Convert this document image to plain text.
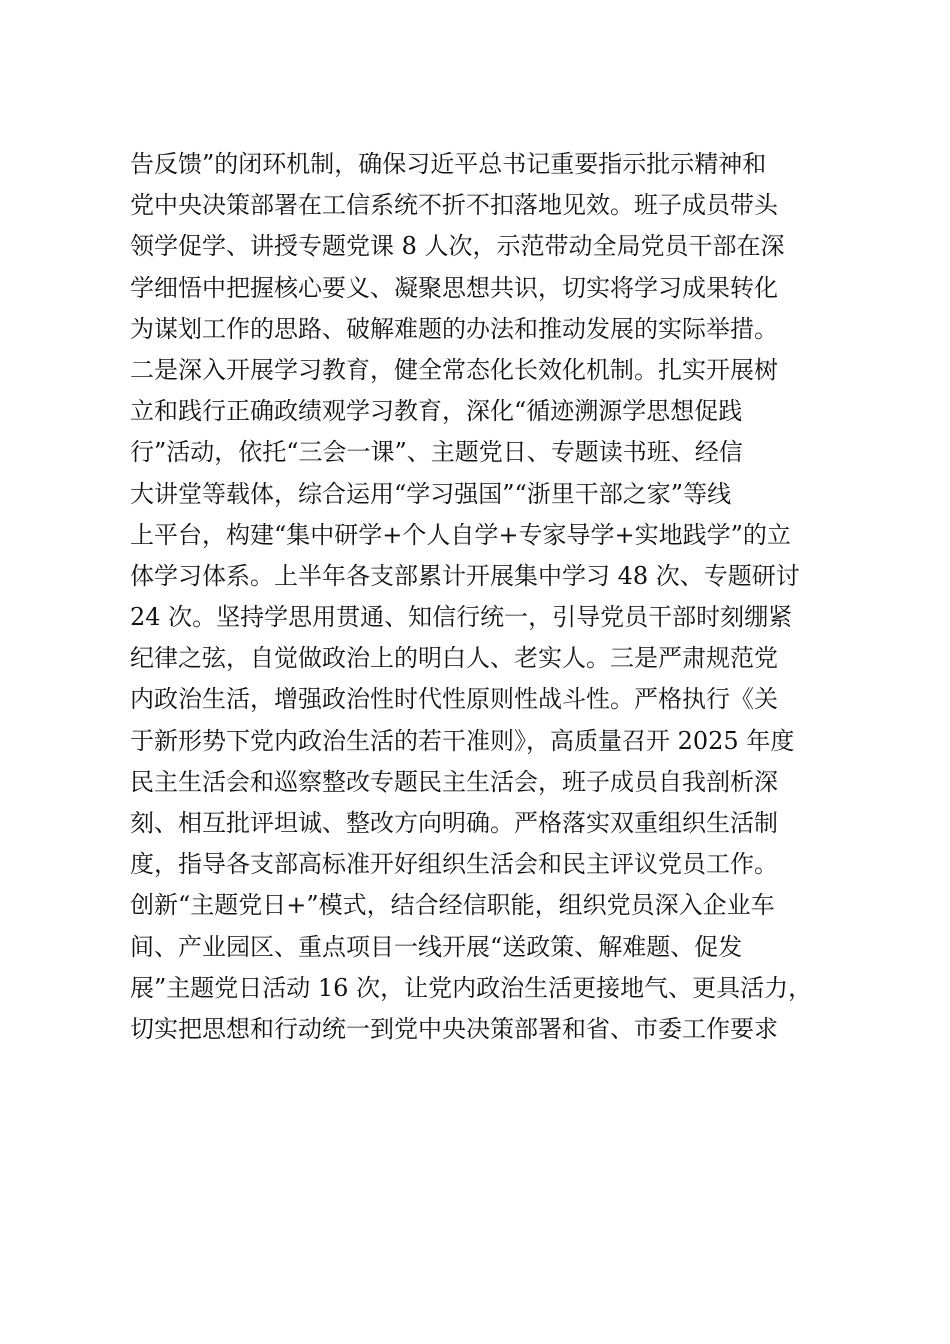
告反馈”的闭环机制，确保习近平总书记重要指示批示精神和
党中央决策部署在工信系统不折不扣落地见效。班子成员带头
领学促学、讲授专题党课 8 人次，示范带动全局党员干部在深
学细悟中把握核心要义、凝聚思想共识，切实将学习成果转化
为谋划工作的思路、破解难题的办法和推动发展的实际举措。
二是深入开展学习教育，健全常态化长效化机制。扎实开展树
立和践行正确政绩观学习教育，深化“循迹溯源学思想促践
行”活动，依托“三会一课”、主题党日、专题读书班、经信
大讲堂等载体，综合运用“学习强国”“浙里干部之家”等线
上平台，构建“集中研学+个人自学+专家导学+实地践学”的立
体学习体系。上半年各支部累计开展集中学习 48 次、专题研讨
24 次。坚持学思用贯通、知信行统一，引导党员干部时刻绷紧
纪律之弦，自觉做政治上的明白人、老实人。三是严肃规范党
内政治生活，增强政治性时代性原则性战斗性。严格执行《关
于新形势下党内政治生活的若干准则》，高质量召开 2025 年度
民主生活会和巡察整改专题民主生活会，班子成员自我剖析深
刻、相互批评坦诚、整改方向明确。严格落实双重组织生活制
度，指导各支部高标准开好组织生活会和民主评议党员工作。
创新“主题党日+”模式，结合经信职能，组织党员深入企业车
间、产业园区、重点项目一线开展“送政策、解难题、促发
展”主题党日活动 16 次，让党内政治生活更接地气、更具活力，
切实把思想和行动统一到党中央决策部署和省、市委工作要求
